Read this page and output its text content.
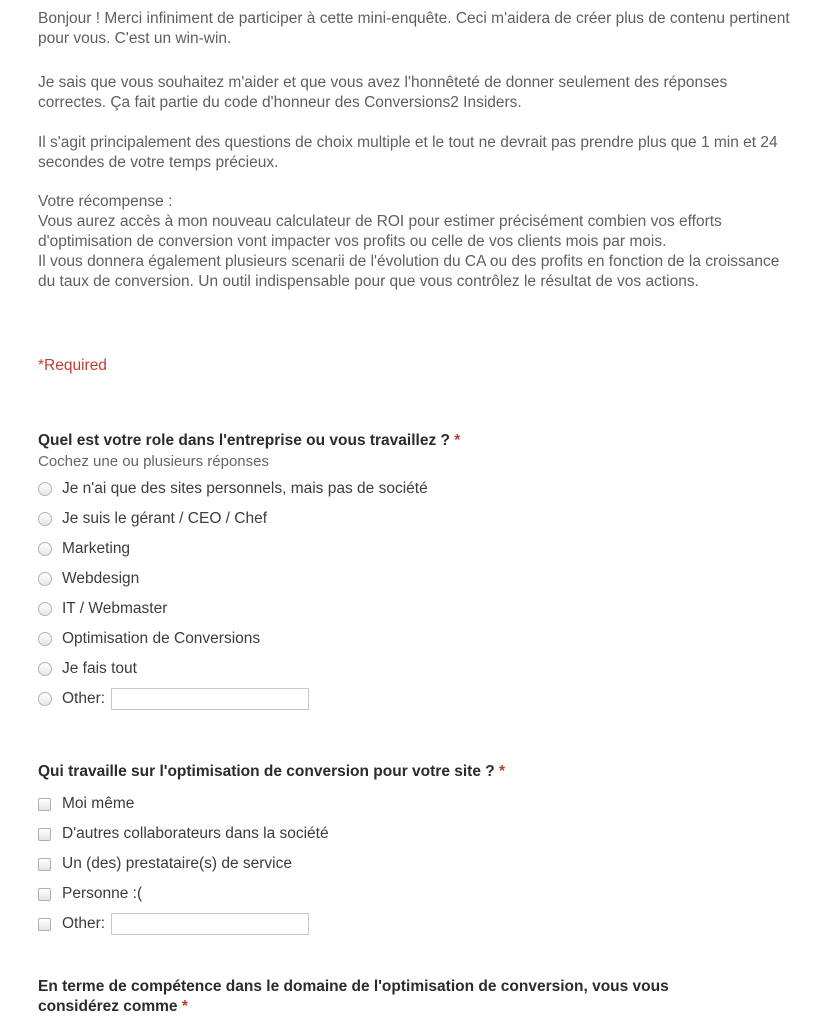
Bonjour ! Merci infiniment de participer à cette mini-enquête. Ceci m'aidera de créer plus de contenu pertinent pour vous. C'est un win-win.

Je sais que vous souhaitez m'aider et que vous avez l'honnêteté de donner seulement des réponses correctes. Ça fait partie du code d'honneur des Conversions2 Insiders.

Il s'agit principalement des questions de choix multiple et le tout ne devrait pas prendre plus que 1 min et 24 secondes de votre temps précieux.

Votre récompense :

Vous aurez accès à mon nouveau calculateur de ROI pour estimer précisément combien vos efforts d'optimisation de conversion vont impacter vos profits ou celle de vos clients mois par mois.

Il vous donnera également plusieurs scenarii de l'évolution du CA ou des profits en fonction de la croissance du taux de conversion. Un outil indispensable pour que vous contrôlez le résultat de vos actions.

*Required
Quel est votre role dans l'entreprise ou vous travaillez ? *
Cochez une ou plusieurs réponses
Je n'ai que des sites personnels, mais pas de société
Je suis le gérant / CEO / Chef
Marketing
Webdesign
IT / Webmaster
Optimisation de Conversions
Je fais tout
Other:
Qui travaille sur l'optimisation de conversion pour votre site ? *
Moi même
D'autres collaborateurs dans la société
Un (des) prestataire(s) de service
Personne :(
Other:
En terme de compétence dans le domaine de l'optimisation de conversion, vous vous
considérez comme *
